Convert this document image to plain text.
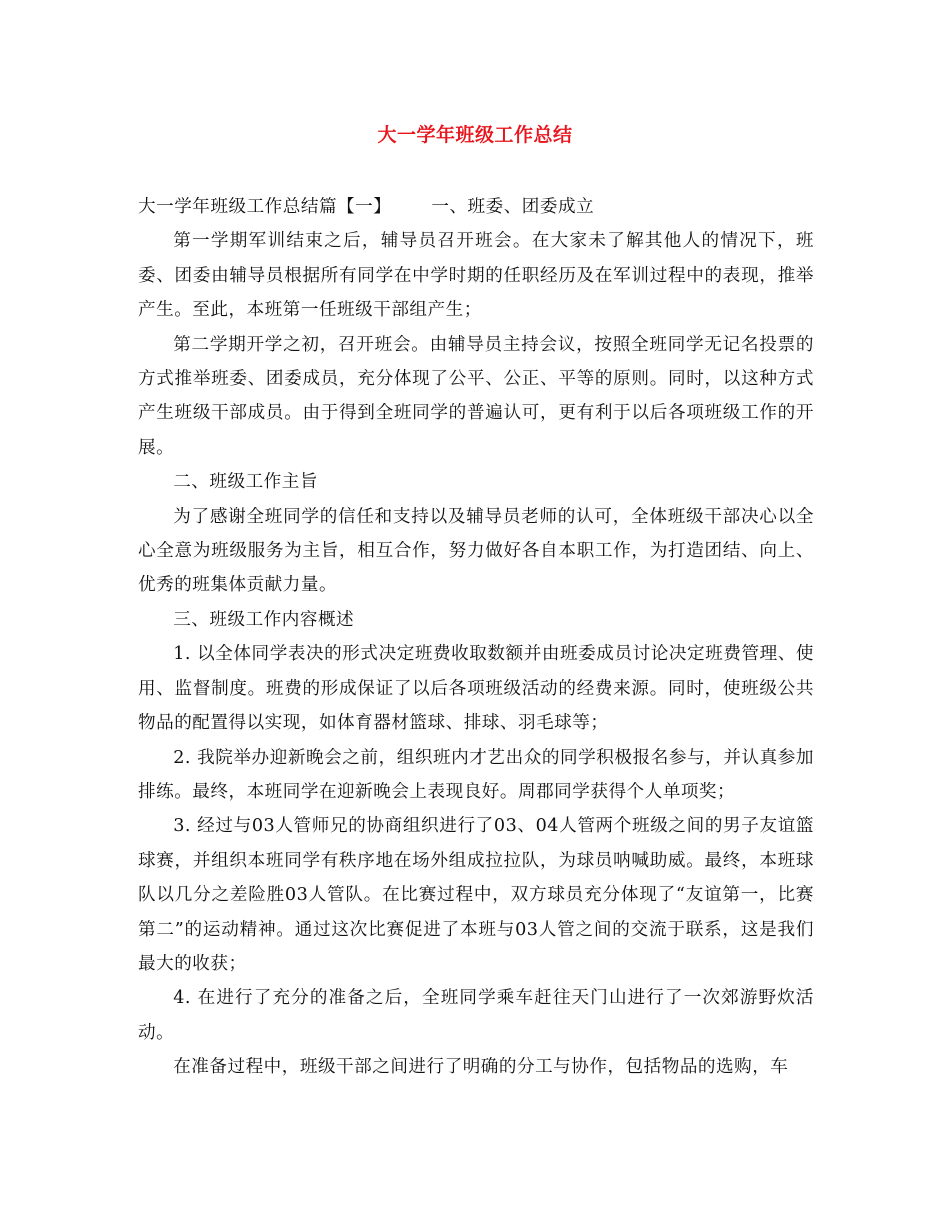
大一学年班级工作总结

大一学年班级工作总结篇【一】 一、班委、团委成立

第一学期军训结束之后，辅导员召开班会。在大家未了解其他人的情况下，班委、团委由辅导员根据所有同学在中学时期的任职经历及在军训过程中的表现，推举产生。至此，本班第一任班级干部组产生；

第二学期开学之初，召开班会。由辅导员主持会议，按照全班同学无记名投票的方式推举班委、团委成员，充分体现了公平、公正、平等的原则。同时，以这种方式产生班级干部成员。由于得到全班同学的普遍认可，更有利于以后各项班级工作的开展。

二、班级工作主旨

为了感谢全班同学的信任和支持以及辅导员老师的认可，全体班级干部决心以全心全意为班级服务为主旨，相互合作，努力做好各自本职工作，为打造团结、向上、优秀的班集体贡献力量。

三、班级工作内容概述

1. 以全体同学表决的形式决定班费收取数额并由班委成员讨论决定班费管理、使用、监督制度。班费的形成保证了以后各项班级活动的经费来源。同时，使班级公共物品的配置得以实现，如体育器材篮球、排球、羽毛球等；

2. 我院举办迎新晚会之前，组织班内才艺出众的同学积极报名参与，并认真参加排练。最终，本班同学在迎新晚会上表现良好。周郡同学获得个人单项奖；

3. 经过与03人管师兄的协商组织进行了03、04人管两个班级之间的男子友谊篮球赛，并组织本班同学有秩序地在场外组成拉拉队，为球员呐喊助威。最终，本班球队以几分之差险胜03人管队。在比赛过程中，双方球员充分体现了“友谊第一，比赛第二”的运动精神。通过这次比赛促进了本班与03人管之间的交流于联系，这是我们最大的收获；

4. 在进行了充分的准备之后，全班同学乘车赶往天门山进行了一次郊游野炊活动。

在准备过程中，班级干部之间进行了明确的分工与协作，包括物品的选购，车
